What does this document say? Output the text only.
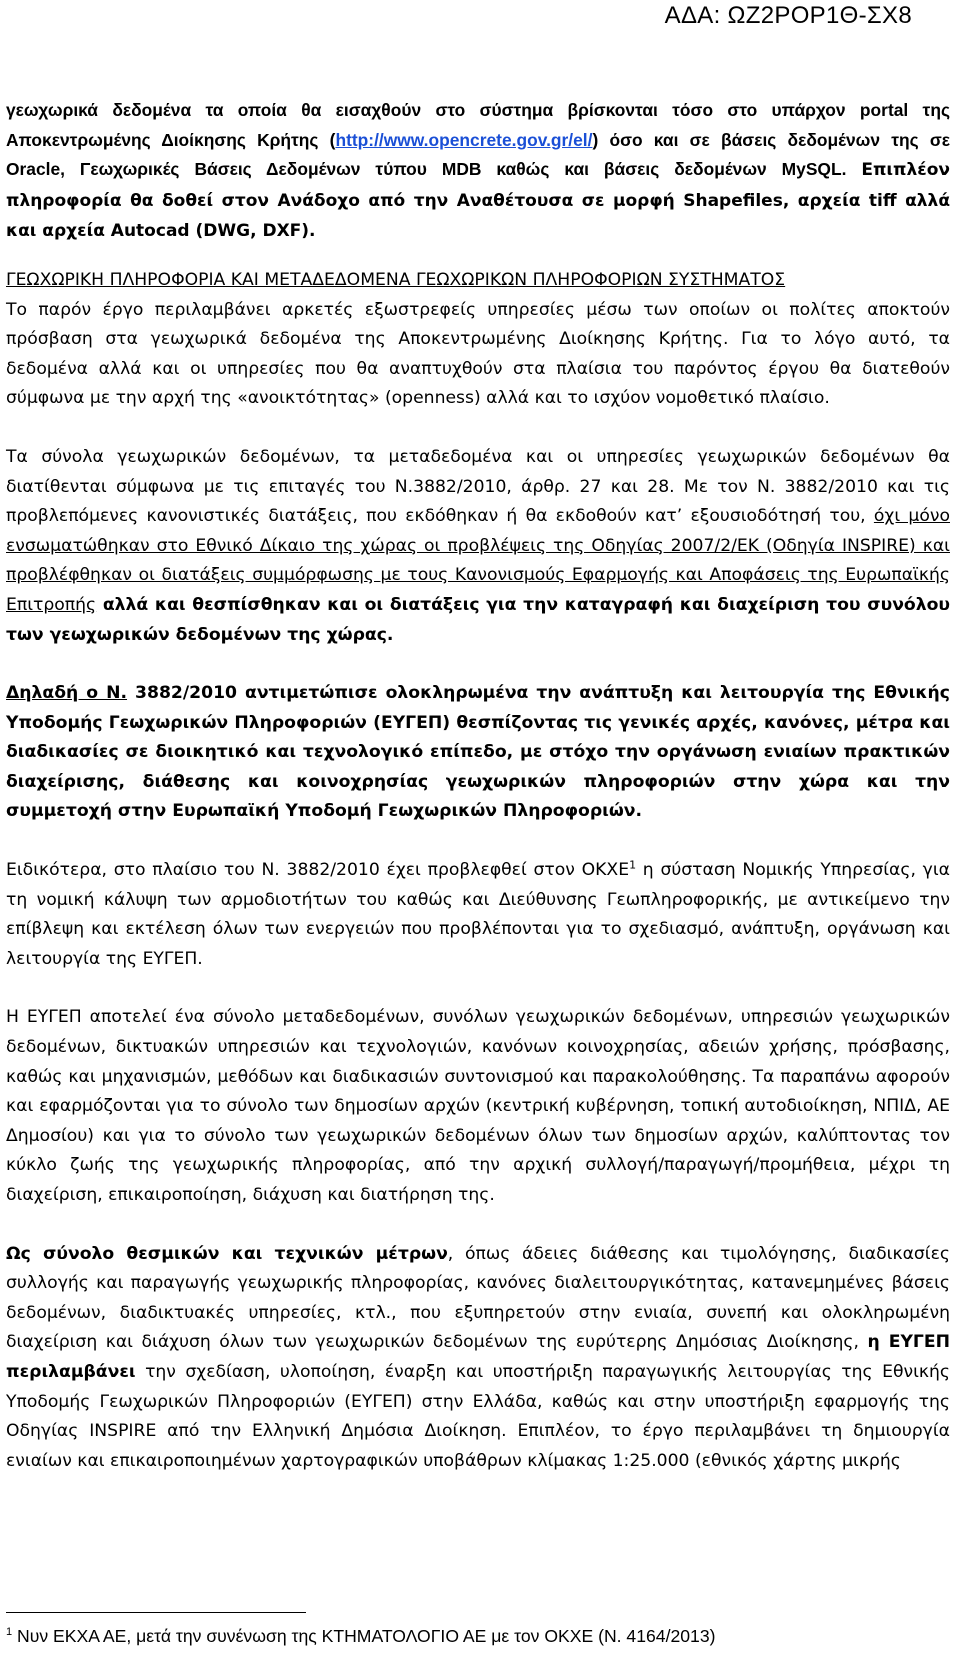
ΑΔΑ: ΩΖ2ΡΟΡ1Θ-ΣΧ8

γεωχωρικά δεδομένα τα οποία θα εισαχθούν στο σύστημα βρίσκονται τόσο στο υπάρχον portal της Αποκεντρωμένης Διοίκησης Κρήτης (http://www.opencrete.gov.gr/el/) όσο και σε βάσεις δεδομένων της σε Oracle, Γεωχωρικές Βάσεις Δεδομένων τύπου MDB καθώς και βάσεις δεδομένων MySQL. Επιπλέον πληροφορία θα δοθεί στον Ανάδοχο από την Αναθέτουσα σε μορφή Shapefiles, αρχεία tiff αλλά και αρχεία Autocad (DWG, DXF).

ΓΕΩΧΩΡΙΚΗ ΠΛΗΡΟΦΟΡΙΑ ΚΑΙ ΜΕΤΑΔΕΔΟΜΕΝΑ ΓΕΩΧΩΡΙΚΩΝ ΠΛΗΡΟΦΟΡΙΩΝ ΣΥΣΤΗΜΑΤΟΣ

Το παρόν έργο περιλαμβάνει αρκετές εξωστρεφείς υπηρεσίες μέσω των οποίων οι πολίτες αποκτούν πρόσβαση στα γεωχωρικά δεδομένα της Αποκεντρωμένης Διοίκησης Κρήτης. Για το λόγο αυτό, τα δεδομένα αλλά και οι υπηρεσίες που θα αναπτυχθούν στα πλαίσια του παρόντος έργου θα διατεθούν σύμφωνα με την αρχή της «ανοικτότητας» (openness) αλλά και το ισχύον νομοθετικό πλαίσιο.

Τα σύνολα γεωχωρικών δεδομένων, τα μεταδεδομένα και οι υπηρεσίες γεωχωρικών δεδομένων θα διατίθενται σύμφωνα με τις επιταγές του Ν.3882/2010, άρθρ. 27 και 28. Με τον Ν. 3882/2010 και τις προβλεπόμενες κανονιστικές διατάξεις, που εκδόθηκαν ή θα εκδοθούν κατ’ εξουσιοδότησή του, όχι μόνο ενσωματώθηκαν στο Εθνικό Δίκαιο της χώρας οι προβλέψεις της Οδηγίας 2007/2/ΕΚ (Οδηγία INSPIRE) και προβλέφθηκαν οι διατάξεις συμμόρφωσης με τους Κανονισμούς Εφαρμογής και Αποφάσεις της Ευρωπαϊκής Επιτροπής αλλά και θεσπίσθηκαν και οι διατάξεις για την καταγραφή και διαχείριση του συνόλου των γεωχωρικών δεδομένων της χώρας.

Δηλαδή ο Ν. 3882/2010 αντιμετώπισε ολοκληρωμένα την ανάπτυξη και λειτουργία της Εθνικής Υποδομής Γεωχωρικών Πληροφοριών (ΕΥΓΕΠ) θεσπίζοντας τις γενικές αρχές, κανόνες, μέτρα και διαδικασίες σε διοικητικό και τεχνολογικό επίπεδο, με στόχο την οργάνωση ενιαίων πρακτικών διαχείρισης, διάθεσης και κοινοχρησίας γεωχωρικών πληροφοριών στην χώρα και την συμμετοχή στην Ευρωπαϊκή Υποδομή Γεωχωρικών Πληροφοριών.

Ειδικότερα, στο πλαίσιο του Ν. 3882/2010 έχει προβλεφθεί στον ΟΚΧΕ$^1$ η σύσταση Νομικής Υπηρεσίας, για τη νομική κάλυψη των αρμοδιοτήτων του καθώς και Διεύθυνσης Γεωπληροφορικής, με αντικείμενο την επίβλεψη και εκτέλεση όλων των ενεργειών που προβλέπονται για το σχεδιασμό, ανάπτυξη, οργάνωση και λειτουργία της ΕΥΓΕΠ.

Η ΕΥΓΕΠ αποτελεί ένα σύνολο μεταδεδομένων, συνόλων γεωχωρικών δεδομένων, υπηρεσιών γεωχωρικών δεδομένων, δικτυακών υπηρεσιών και τεχνολογιών, κανόνων κοινοχρησίας, αδειών χρήσης, πρόσβασης, καθώς και μηχανισμών, μεθόδων και διαδικασιών συντονισμού και παρακολούθησης. Τα παραπάνω αφορούν και εφαρμόζονται για το σύνολο των δημοσίων αρχών (κεντρική κυβέρνηση, τοπική αυτοδιοίκηση, ΝΠΙΔ, ΑΕ Δημοσίου) και για το σύνολο των γεωχωρικών δεδομένων όλων των δημοσίων αρχών, καλύπτοντας τον κύκλο ζωής της γεωχωρικής πληροφορίας, από την αρχική συλλογή/παραγωγή/προμήθεια, μέχρι τη διαχείριση, επικαιροποίηση, διάχυση και διατήρηση της.

Ως σύνολο θεσμικών και τεχνικών μέτρων, όπως άδειες διάθεσης και τιμολόγησης, διαδικασίες συλλογής και παραγωγής γεωχωρικής πληροφορίας, κανόνες διαλειτουργικότητας, κατανεμημένες βάσεις δεδομένων, διαδικτυακές υπηρεσίες, κτλ., που εξυπηρετούν στην ενιαία, συνεπή και ολοκληρωμένη διαχείριση και διάχυση όλων των γεωχωρικών δεδομένων της ευρύτερης Δημόσιας Διοίκησης, η ΕΥΓΕΠ περιλαμβάνει την σχεδίαση, υλοποίηση, έναρξη και υποστήριξη παραγωγικής λειτουργίας της Εθνικής Υποδομής Γεωχωρικών Πληροφοριών (ΕΥΓΕΠ) στην Ελλάδα, καθώς και στην υποστήριξη εφαρμογής της Οδηγίας INSPIRE από την Ελληνική Δημόσια Διοίκηση. Επιπλέον, το έργο περιλαμβάνει τη δημιουργία ενιαίων και επικαιροποιημένων χαρτογραφικών υποβάθρων κλίμακας 1:25.000 (εθνικός χάρτης μικρής

$^1$ Νυν ΕΚΧΑ ΑΕ, μετά την συνένωση της ΚΤΗΜΑΤΟΛΟΓΙΟ ΑΕ με τον ΟΚΧΕ (Ν. 4164/2013)
